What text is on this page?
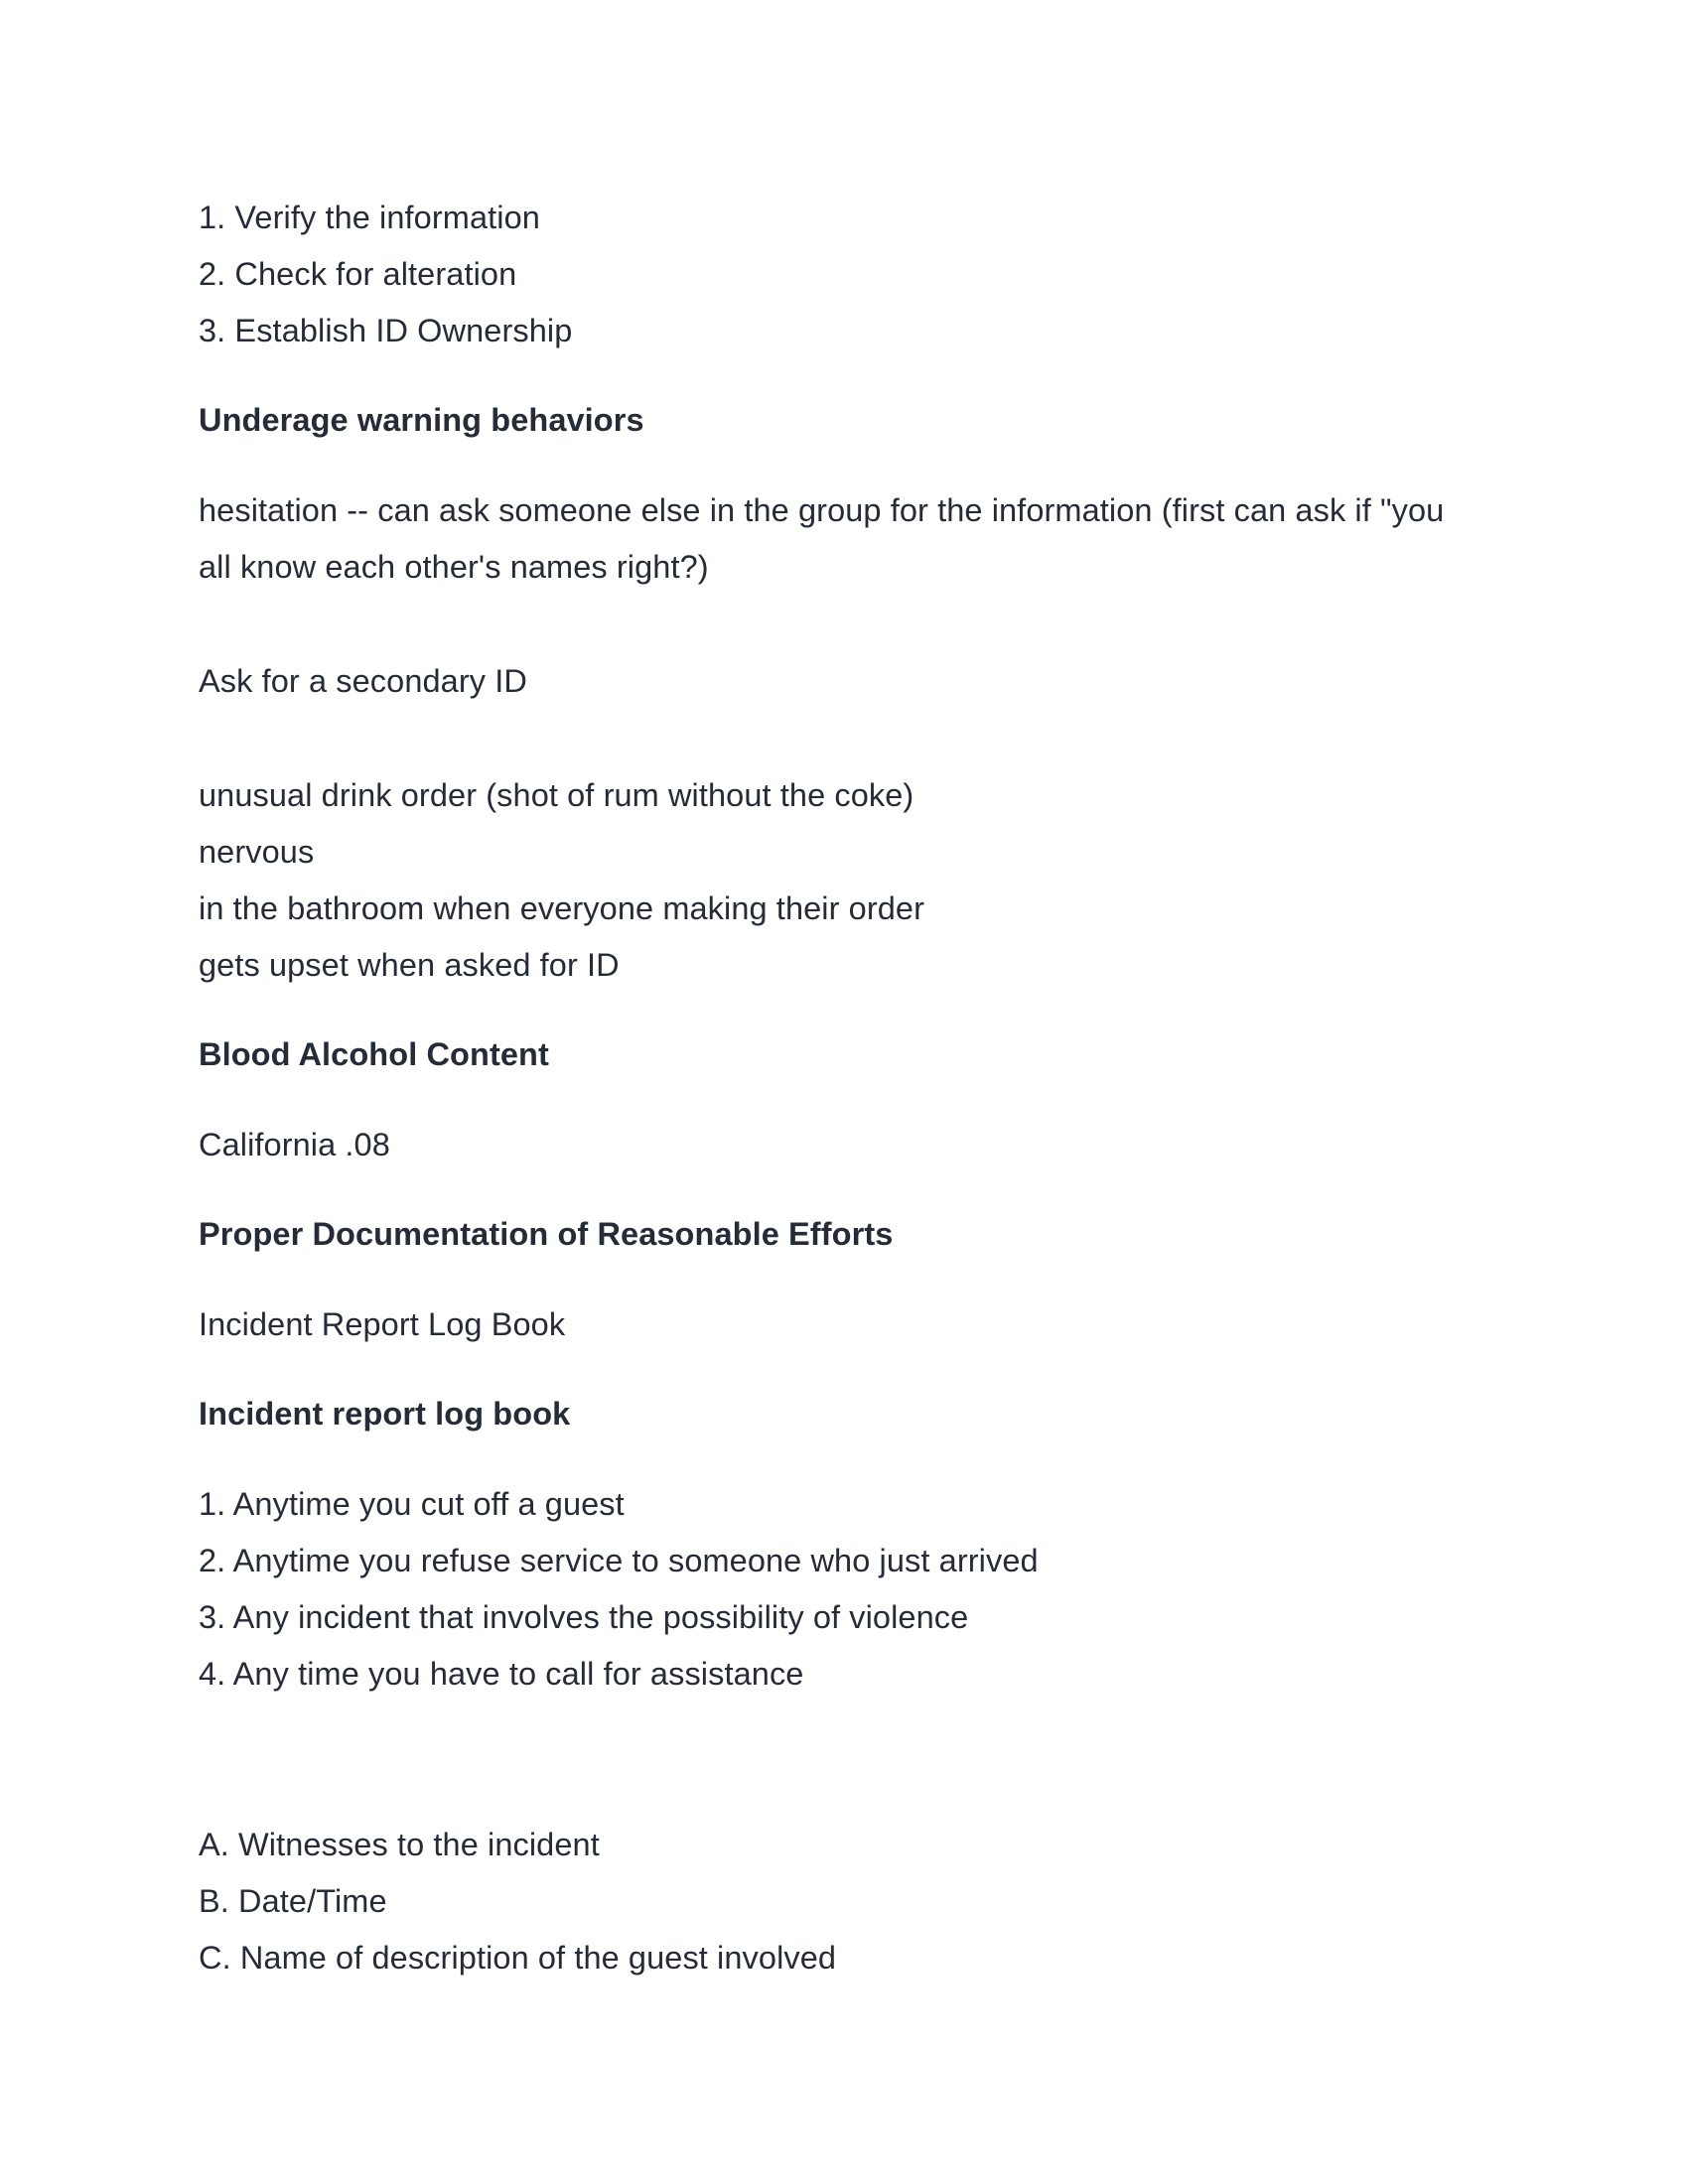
1. Verify the information
2. Check for alteration
3. Establish ID Ownership
Underage warning behaviors
hesitation -- can ask someone else in the group for the information (first can ask if "you
all know each other's names right?)
Ask for a secondary ID
unusual drink order (shot of rum without the coke)
nervous
in the bathroom when everyone making their order
gets upset when asked for ID
Blood Alcohol Content
California .08
Proper Documentation of Reasonable Efforts
Incident Report Log Book
Incident report log book
1. Anytime you cut off a guest
2. Anytime you refuse service to someone who just arrived
3. Any incident that involves the possibility of violence
4. Any time you have to call for assistance
A. Witnesses to the incident
B. Date/Time
C. Name of description of the guest involved
